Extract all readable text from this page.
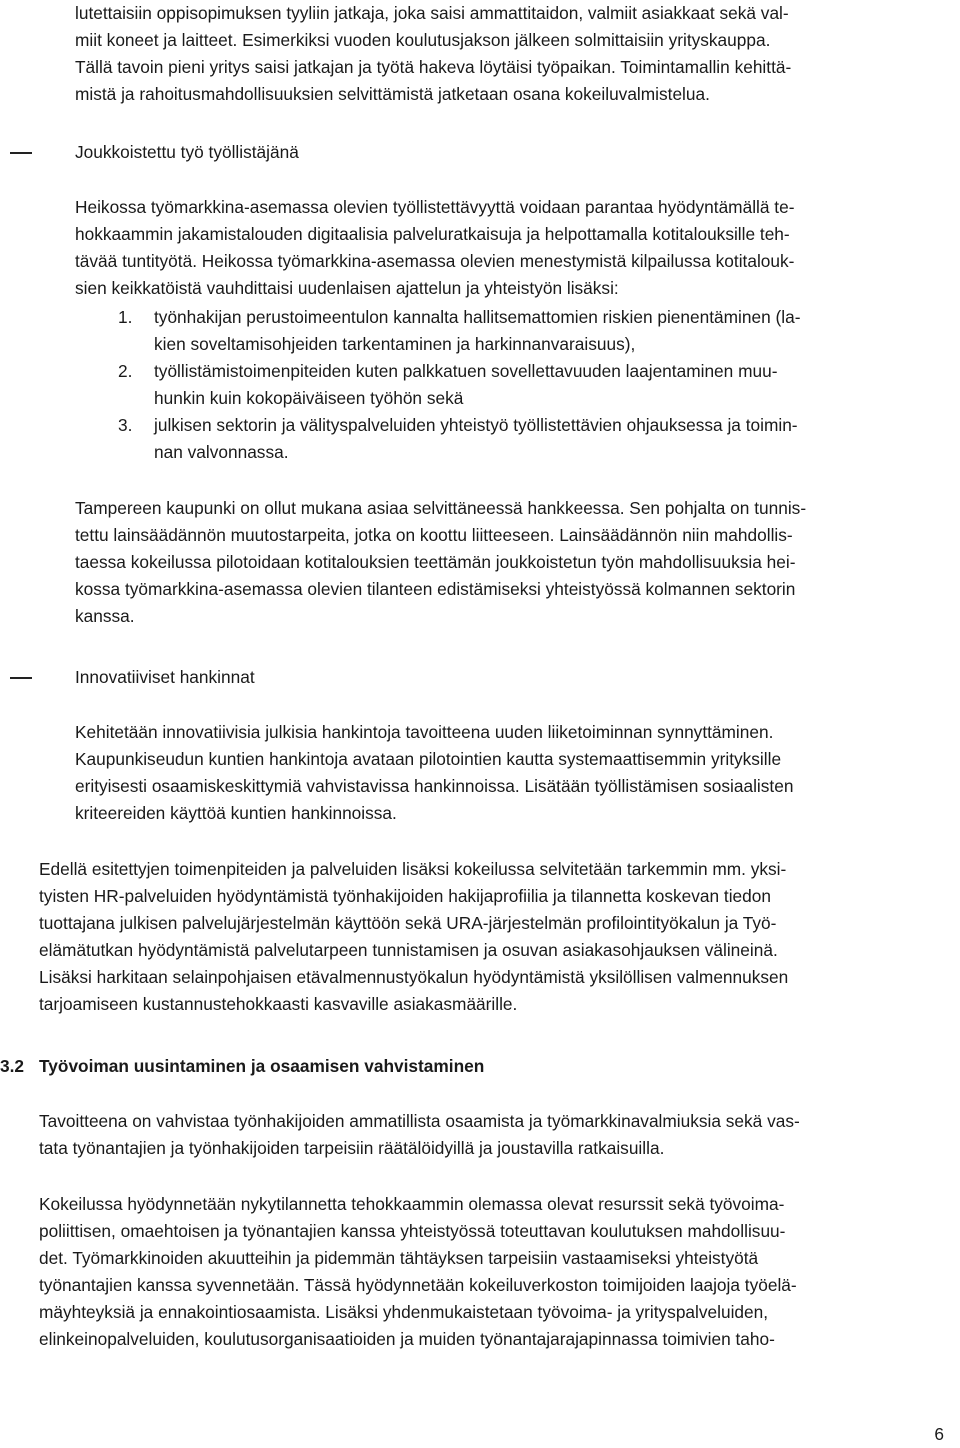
lutettaisiin oppisopimuksen tyyliin jatkaja, joka saisi ammattitaidon, valmiit asiakkaat sekä val-
miit koneet ja laitteet. Esimerkiksi vuoden koulutusjakson jälkeen solmittaisiin yrityskauppa.
Tällä tavoin pieni yritys saisi jatkajan ja työtä hakeva löytäisi työpaikan. Toimintamallin kehittä-
mistä ja rahoitusmahdollisuuksien selvittämistä jatketaan osana kokeiluvalmistelua.
Joukkoistettu työ työllistäjänä
Heikossa työmarkkina-asemassa olevien työllistettävyyttä voidaan parantaa hyödyntämällä te-
hokkaammin jakamistalouden digitaalisia palveluratkaisuja ja helpottamalla kotitalouksille teh-
tävää tuntityötä. Heikossa työmarkkina-asemassa olevien menestymistä kilpailussa kotitalouk-
sien keikkatöistä vauhdittaisi uudenlaisen ajattelun ja yhteistyön lisäksi:
1. työnhakijan perustoimeentulon kannalta hallitsemattomien riskien pienentäminen (la-
kien soveltamisohjeiden tarkentaminen ja harkinnanvaraisuus),
2. työllistämistoimenpiteiden kuten palkkatuen sovellettavuuden laajentaminen muu-
hunkin kuin kokopäiväiseen työhön sekä
3. julkisen sektorin ja välityspalveluiden yhteistyö työllistettävien ohjauksessa ja toimin-
nan valvonnassa.
Tampereen kaupunki on ollut mukana asiaa selvittäneessä hankkeessa. Sen pohjalta on tunnis-
tettu lainsäädännön muutostarpeita, jotka on koottu liitteeseen. Lainsäädännön niin mahdollis-
taessa kokeilussa pilotoidaan kotitalouksien teettämän joukkoistetun työn mahdollisuuksia hei-
kossa työmarkkina-asemassa olevien tilanteen edistämiseksi yhteistyössä kolmannen sektorin
kanssa.
Innovatiiviset hankinnat
Kehitetään innovatiivisia julkisia hankintoja tavoitteena uuden liiketoiminnan synnyttäminen.
Kaupunkiseudun kuntien hankintoja avataan pilotointien kautta systemaattisemmin yrityksille
erityisesti osaamiskeskittymiä vahvistavissa hankinnoissa. Lisätään työllistämisen sosiaalisten
kriteereiden käyttöä kuntien hankinnoissa.
Edellä esitettyjen toimenpiteiden ja palveluiden lisäksi kokeilussa selvitetään tarkemmin mm. yksi-
tyisten HR-palveluiden hyödyntämistä työnhakijoiden hakijaprofiilia ja tilannetta koskevan tiedon
tuottajana julkisen palvelujärjestelmän käyttöön sekä URA-järjestelmän profilointityökalun ja Työ-
elämätutkan hyödyntämistä palvelutarpeen tunnistamisen ja osuvan asiakasohjauksen välineinä.
Lisäksi harkitaan selainpohjaisen etävalmennustyökalun hyödyntämistä yksilöllisen valmennuksen
tarjoamiseen kustannustehokkaasti kasvaville asiakasmäärille.
3.2 Työvoiman uusintaminen ja osaamisen vahvistaminen
Tavoitteena on vahvistaa työnhakijoiden ammatillista osaamista ja työmarkkinavalmiuksia sekä vas-
tata työnantajien ja työnhakijoiden tarpeisiin räätälöidyillä ja joustavilla ratkaisuilla.
Kokeilussa hyödynnetään nykytilannetta tehokkaammin olemassa olevat resurssit sekä työvoima-
poliittisen, omaehtoisen ja työnantajien kanssa yhteistyössä toteuttavan koulutuksen mahdollisuu-
det. Työmarkkinoiden akuutteihin ja pidemmän tähtäyksen tarpeisiin vastaamiseksi yhteistyötä
työnantajien kanssa syvennetään. Tässä hyödynnetään kokeiluverkoston toimijoiden laajoja työelä-
mäyhteyksiä ja ennakointiosaamista. Lisäksi yhdenmukaistetaan työvoima- ja yrityspalveluiden,
elinkeinopalveluiden, koulutusorganisaatioiden ja muiden työnantajarajapinnassa toimivien taho-
6
